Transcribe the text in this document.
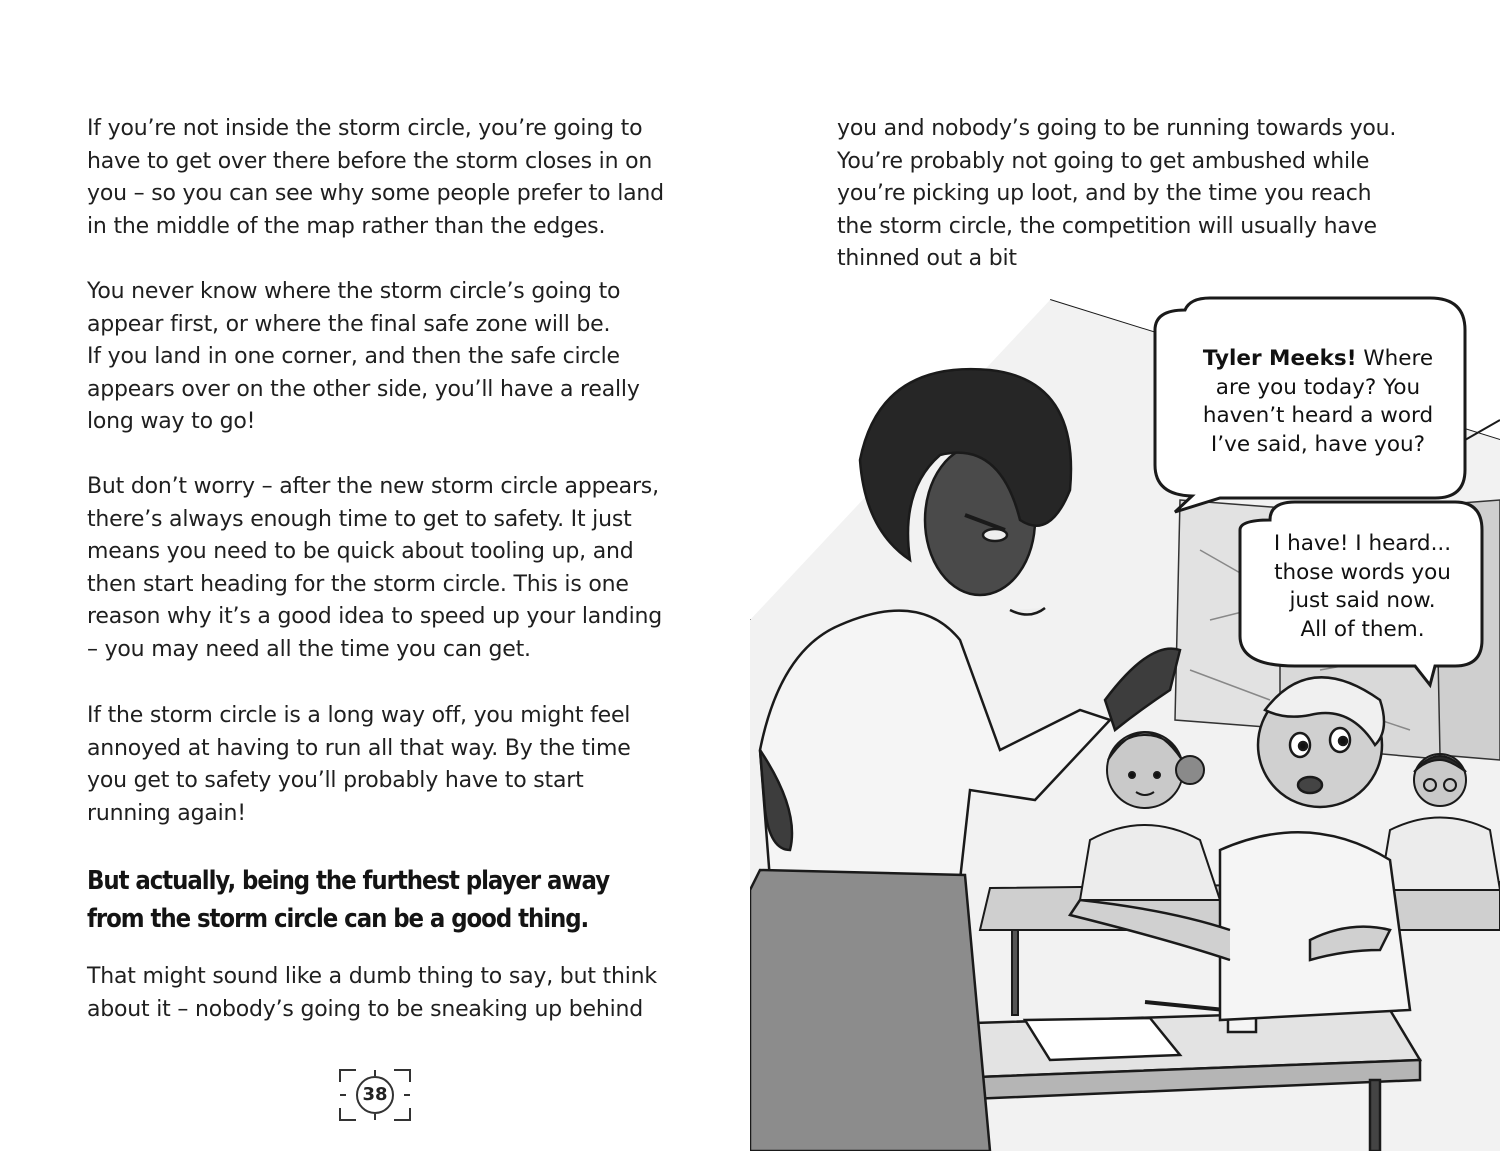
If you’re not inside the storm circle, you’re going to
have to get over there before the storm closes in on
you – so you can see why some people prefer to land
in the middle of the map rather than the edges.

You never know where the storm circle’s going to
appear first, or where the final safe zone will be.
If you land in one corner, and then the safe circle
appears over on the other side, you’ll have a really
long way to go!

But don’t worry – after the new storm circle appears,
there’s always enough time to get to safety. It just
means you need to be quick about tooling up, and
then start heading for the storm circle. This is one
reason why it’s a good idea to speed up your landing
– you may need all the time you can get.

If the storm circle is a long way off, you might feel
annoyed at having to run all that way. By the time
you get to safety you’ll probably have to start
running again!

But actually, being the furthest player away
from the storm circle can be a good thing.

That might sound like a dumb thing to say, but think
about it – nobody’s going to be sneaking up behind

38

you and nobody’s going to be running towards you.
You’re probably not going to get ambushed while
you’re picking up loot, and by the time you reach
the storm circle, the competition will usually have
thinned out a bit

Tyler Meeks! Where
are you today? You
haven’t heard a word
I’ve said, have you?
I have! I heard...
those words you
just said now.
All of them.
